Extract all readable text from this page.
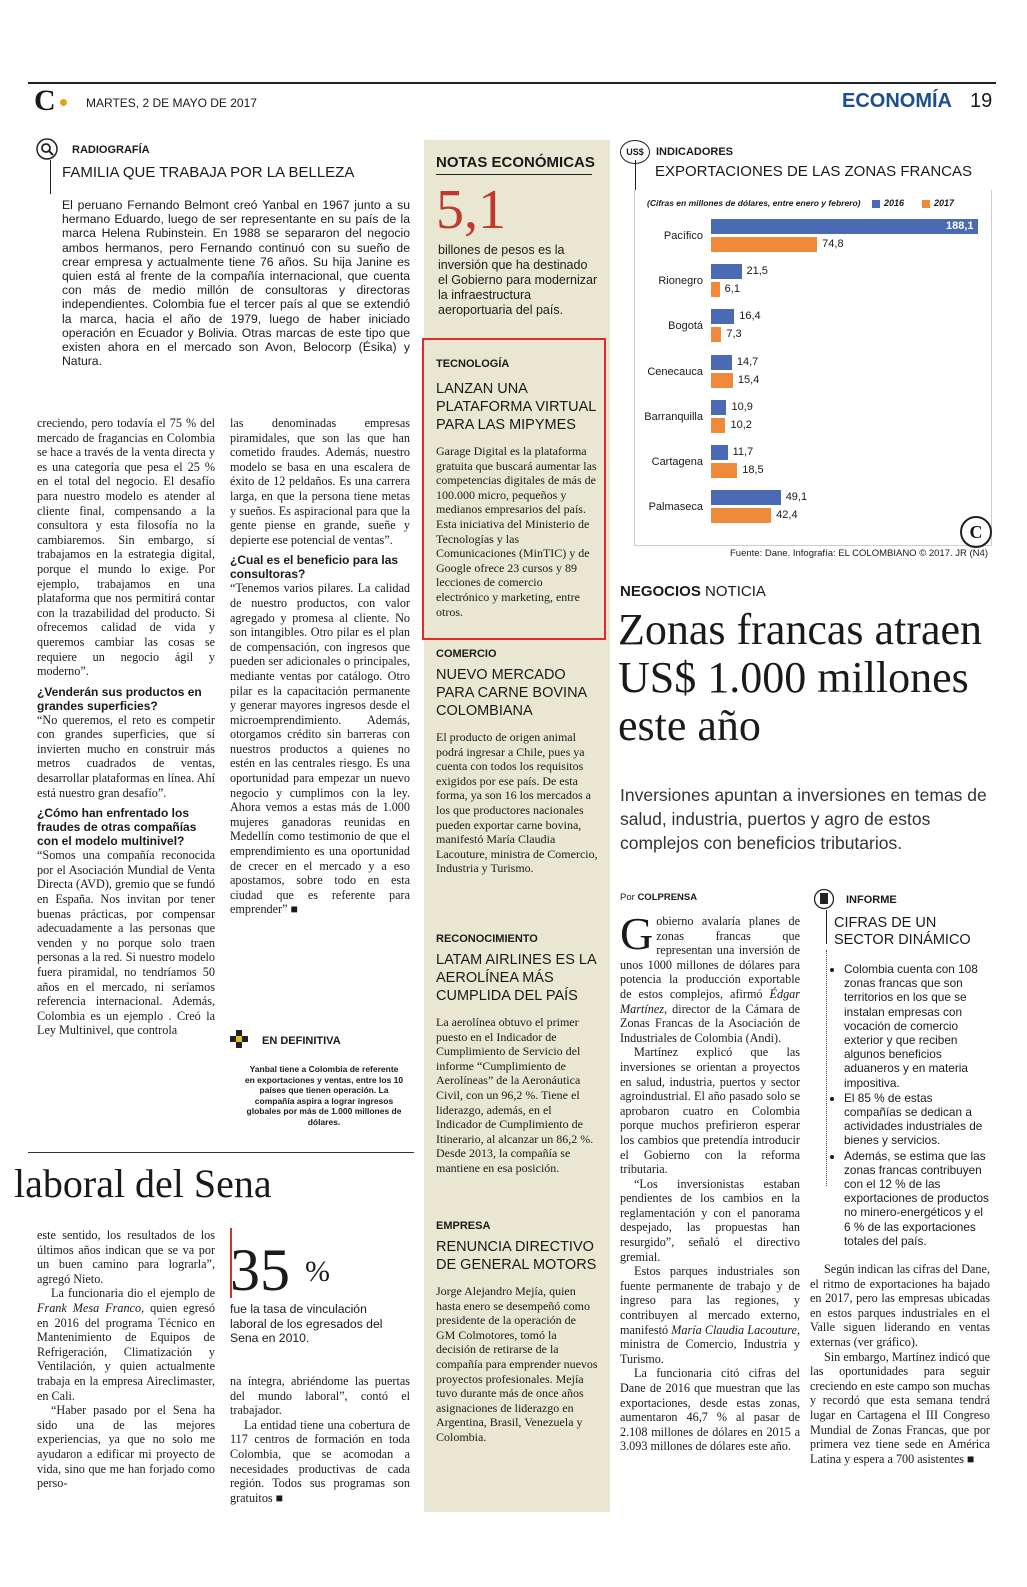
C	MARTES, 2 DE MAYO DE 2017	ECONOMÍA 19
RADIOGRAFÍA
FAMILIA QUE TRABAJA POR LA BELLEZA
El peruano Fernando Belmont creó Yanbal en 1967 junto a su hermano Eduardo, luego de ser representante en su país de la marca Helena Rubinstein. En 1988 se separaron del negocio ambos hermanos, pero Fernando continuó con su sueño de crear empresa y actualmente tiene 76 años. Su hija Janine es quien está al frente de la compañía internacional, que cuenta con más de medio millón de consultoras y directoras independientes. Colombia fue el tercer país al que se extendió la marca, hacia el año de 1979, luego de haber iniciado operación en Ecuador y Bolivia. Otras marcas de este tipo que existen ahora en el mercado son Avon, Belocorp (Ésika) y Natura.
creciendo, pero todavía el 75 % del mercado de fragancias en Colombia se hace a través de la venta directa y es una categoría que pesa el 25 % en el total del negocio. El desafío para nuestro modelo es atender al cliente final, compensando a la consultora y esta filosofía no la cambiaremos. Sin embargo, sí trabajamos en la estrategia digital, porque el mundo lo exige. Por ejemplo, trabajamos en una plataforma que nos permitirá contar con la trazabilidad del producto. Si ofrecemos calidad de vida y queremos cambiar las cosas se requiere un negocio ágil y moderno”.
¿Venderán sus productos en grandes superficies?
“No queremos, el reto es competir con grandes superficies, que sí invierten mucho en construir más metros cuadrados de ventas, desarrollar plataformas en línea. Ahí está nuestro gran desafío”.
¿Cómo han enfrentado los fraudes de otras compañías con el modelo multinivel?
“Somos una compañía reconocida por el Asociación Mundial de Venta Directa (AVD), gremio que se fundó en España. Nos invitan por tener buenas prácticas, por compensar adecuadamente a las personas que venden y no porque solo traen personas a la red. Si nuestro modelo fuera piramidal, no tendríamos 50 años en el mercado, ni seríamos referencia internacional. Además, Colombia es un ejemplo . Creó la Ley Multinivel, que controla
las denominadas empresas piramidales, que son las que han cometido fraudes. Además, nuestro modelo se basa en una escalera de éxito de 12 peldaños. Es una carrera larga, en que la persona tiene metas y sueños. Es aspiracional para que la gente piense en grande, sueñe y depierte ese potencial de ventas”.
¿Cual es el beneficio para las consultoras?
“Tenemos varios pilares. La calidad de nuestro productos, con valor agregado y promesa al cliente. No son intangibles. Otro pilar es el plan de compensación, con ingresos que pueden ser adicionales o principales, mediante ventas por catálogo. Otro pilar es la capacitación permanente y generar mayores ingresos desde el microemprendimiento. Además, otorgamos crédito sin barreras con nuestros productos a quienes no estén en las centrales riesgo. Es una oportunidad para empezar un nuevo negocio y cumplimos con la ley. Ahora vemos a estas más de 1.000 mujeres ganadoras reunidas en Medellín como testimonio de que el emprendimiento es una oportunidad de crecer en el mercado y a eso apostamos, sobre todo en esta ciudad que es referente para emprender” ■
EN DEFINITIVA
Yanbal tiene a Colombia de referente en exportaciones y ventas, entre los 10 países que tienen operación. La compañía aspira a lograr ingresos globales por más de 1.000 millones de dólares.
laboral del Sena
este sentido, los resultados de los últimos años indican que se va por un buen camino para lograrla”, agregó Nieto.
La funcionaria dio el ejemplo de Frank Mesa Franco, quien egresó en 2016 del programa Técnico en Mantenimiento de Equipos de Refrigeración, Climatización y Ventilación, y quien actualmente trabaja en la empresa Aireclimaster, en Cali.
“Haber pasado por el Sena ha sido una de las mejores experiencias, ya que no solo me ayudaron a edificar mi proyecto de vida, sino que me han forjado como perso-
35 %
fue la tasa de vinculación laboral de los egresados del Sena en 2010.
na íntegra, abriéndome las puertas del mundo laboral”, contó el trabajador.
La entidad tiene una cobertura de 117 centros de formación en toda Colombia, que se acomodan a necesidades productivas de cada región. Todos sus programas son gratuitos ■
NOTAS ECONÓMICAS
5,1
billones de pesos es la inversión que ha destinado el Gobierno para modernizar la infraestructura aeroportuaria del país.
TECNOLOGÍA
LANZAN UNA PLATAFORMA VIRTUAL PARA LAS MIPYMES
Garage Digital es la plataforma gratuita que buscará aumentar las competencias digitales de más de 100.000 micro, pequeños y medianos empresarios del país. Esta iniciativa del Ministerio de Tecnologías y las Comunicaciones (MinTIC) y de Google ofrece 23 cursos y 89 lecciones de comercio electrónico y marketing, entre otros.
COMERCIO
NUEVO MERCADO PARA CARNE BOVINA COLOMBIANA
El producto de origen animal podrá ingresar a Chile, pues ya cuenta con todos los requisitos exigidos por ese país. De esta forma, ya son 16 los mercados a los que productores nacionales pueden exportar carne bovina, manifestó María Claudia Lacouture, ministra de Comercio, Industria y Turismo.
RECONOCIMIENTO
LATAM AIRLINES ES LA AEROLÍNEA MÁS CUMPLIDA DEL PAÍS
La aerolínea obtuvo el primer puesto en el Indicador de Cumplimiento de Servicio del informe “Cumplimiento de Aerolíneas” de la Aeronáutica Civil, con un 96,2 %. Tiene el liderazgo, además, en el Indicador de Cumplimiento de Itinerario, al alcanzar un 86,2 %. Desde 2013, la compañía se mantiene en esa posición.
EMPRESA
RENUNCIA DIRECTIVO DE GENERAL MOTORS
Jorge Alejandro Mejía, quien hasta enero se desempeñó como presidente de la operación de GM Colmotores, tomó la decisión de retirarse de la compañía para emprender nuevos proyectos profesionales. Mejía tuvo durante más de once años asignaciones de liderazgo en Argentina, Brasil, Venezuela y Colombia.
US$	INDICADORES
EXPORTACIONES DE LAS ZONAS FRANCAS
(Cifras en millones de dólares, entre enero y febrero)	2016	2017
Pacífico
188,1
74,8
Rionegro
21,5
6,1
Bogotá
16,4
7,3
Cenecauca
14,7
15,4
Barranquilla
10,9
10,2
Cartagena
11,7
18,5
Palmaseca
49,1
42,4
C
Fuente: Dane. Infografía: EL COLOMBIANO © 2017. JR (N4)
NEGOCIOS NOTICIA
Zonas francas atraen US$ 1.000 millones este año
Inversiones apuntan a inversiones en temas de salud, industria, puertos y agro de estos complejos con beneficios tributarios.
Por COLPRENSA
Gobierno avalaría planes de zonas francas que representan una inversión de unos 1000 millones de dólares para potencia la producción exportable de estos complejos, afirmó Édgar Martínez, director de la Cámara de Zonas Francas de la Asociación de Industriales de Colombia (Andi).
Martínez explicó que las inversiones se orientan a proyectos en salud, industria, puertos y sector agroindustrial. El año pasado solo se aprobaron cuatro en Colombia porque muchos prefirieron esperar los cambios que pretendía introducir el Gobierno con la reforma tributaria.
“Los inversionistas estaban pendientes de los cambios en la reglamentación y con el panorama despejado, las propuestas han resurgido”, señaló el directivo gremial.
Estos parques industriales son fuente permanente de trabajo y de ingreso para las regiones, y contribuyen al mercado externo, manifestó María Claudia Lacouture, ministra de Comercio, Industria y Turismo.
La funcionaria citó cifras del Dane de 2016 que muestran que las exportaciones, desde estas zonas, aumentaron 46,7 % al pasar de 2.108 millones de dólares en 2015 a 3.093 millones de dólares este año.
INFORME
CIFRAS DE UN SECTOR DINÁMICO
• Colombia cuenta con 108 zonas francas que son territorios en los que se instalan empresas con vocación de comercio exterior y que reciben algunos beneficios aduaneros y en materia impositiva.
• El 85 % de estas compañías se dedican a actividades industriales de bienes y servicios.
• Además, se estima que las zonas francas contribuyen con el 12 % de las exportaciones de productos no minero-energéticos y el 6 % de las exportaciones totales del país.
Según indican las cifras del Dane, el ritmo de exportaciones ha bajado en 2017, pero las empresas ubicadas en estos parques industriales en el Valle siguen liderando en ventas externas (ver gráfico).
Sin embargo, Martínez indicó que las oportunidades para seguir creciendo en este campo son muchas y recordó que esta semana tendrá lugar en Cartagena el III Congreso Mundial de Zonas Francas, que por primera vez tiene sede en América Latina y espera a 700 asistentes ■
